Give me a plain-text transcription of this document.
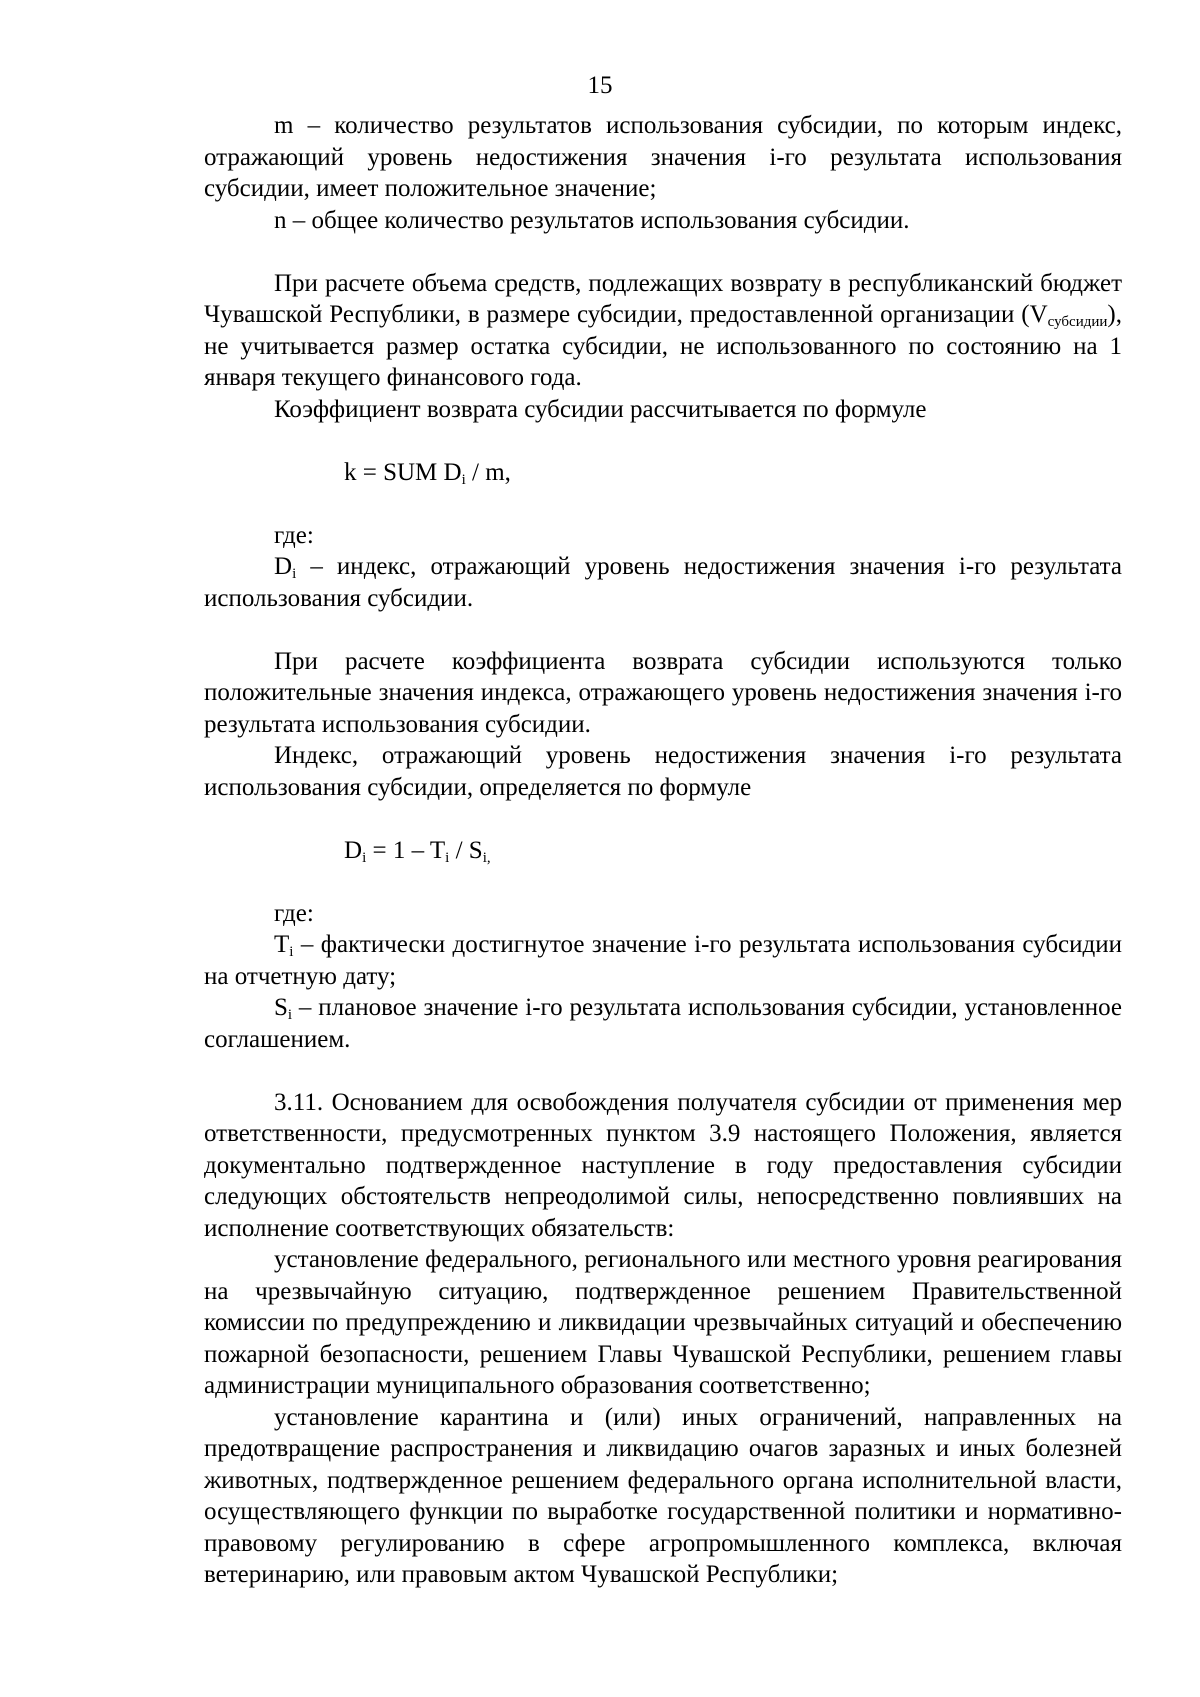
15

m – количество результатов использования субсидии, по которым индекс, отражающий уровень недостижения значения i-го результата использования субсидии, имеет положительное значение;

n – общее количество результатов использования субсидии.

При расчете объема средств, подлежащих возврату в республиканский бюджет Чувашской Республики, в размере субсидии, предоставленной организации (Vсубсидии), не учитывается размер остатка субсидии, не использованного по состоянию на 1 января текущего финансового года.

Коэффициент возврата субсидии рассчитывается по формуле

k = SUM Di / m,

где:

Di – индекс, отражающий уровень недостижения значения i-го результата использования субсидии.

При расчете коэффициента возврата субсидии используются только положительные значения индекса, отражающего уровень недостижения значения i-го результата использования субсидии.

Индекс, отражающий уровень недостижения значения i-го результата использования субсидии, определяется по формуле

Di = 1 – Ti / Si,

где:

Ti – фактически достигнутое значение i-го результата использования субсидии на отчетную дату;

Si – плановое значение i-го результата использования субсидии, установленное соглашением.

3.11. Основанием для освобождения получателя субсидии от применения мер ответственности, предусмотренных пунктом 3.9 настоящего Положения, является документально подтвержденное наступление в году предоставления субсидии следующих обстоятельств непреодолимой силы, непосредственно повлиявших на исполнение соответствующих обязательств:

установление федерального, регионального или местного уровня реагирования на чрезвычайную ситуацию, подтвержденное решением Правительственной комиссии по предупреждению и ликвидации чрезвычайных ситуаций и обеспечению пожарной безопасности, решением Главы Чувашской Республики, решением главы администрации муниципального образования соответственно;

установление карантина и (или) иных ограничений, направленных на предотвращение распространения и ликвидацию очагов заразных и иных болезней животных, подтвержденное решением федерального органа исполнительной власти, осуществляющего функции по выработке государственной политики и нормативно-правовому регулированию в сфере агропромышленного комплекса, включая ветеринарию, или правовым актом Чувашской Республики;
